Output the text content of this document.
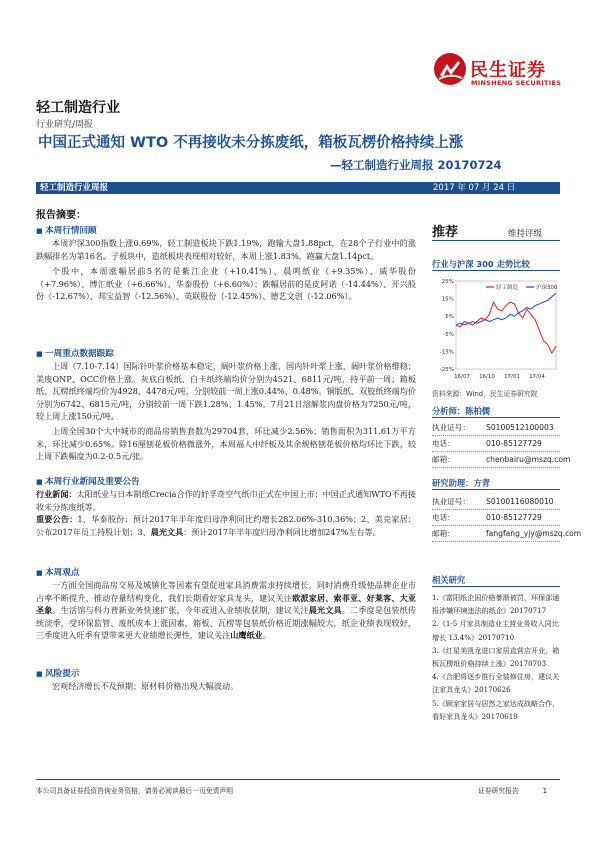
民生证券
MINSHENG SECURITIES
轻工制造行业
行业研究/周报
中国正式通知 WTO 不再接收未分拣废纸，箱板瓦楞价格持续上涨
—轻工制造行业周报 20170724
轻工制造行业周报	2017 年 07 月 24 日
报告摘要：
■ 本周行情回顾

本周沪深300指数上涨0.69%，轻工制造板块下跌1.19%，跑输大盘1.88pct，在28个子行业中的涨跌幅排名为第16名。子板块中，造纸板块表现相对较好，本周上涨1.83%，跑赢大盘1.14pct。

个股中，本周涨幅居前5名的是紫江企业（+10.41%）、晨鸣纸业（+9.35%）、威华股份（+7.96%）、博汇纸业（+6.66%）、华泰股份（+6.60%）；跌幅居前的是皮阿诺（-14.44%）、开兴股份（-12.67%）、邦宝益智（-12.56%）、英联股份（-12.45%）、德艺文创（-12.06%）。

■ 一周重点数据跟踪

上周（7.10-7.14）国际针叶浆价格基本稳定，阔叶浆价格上涨，国内针叶浆上涨，阔叶浆价格维稳；美废ONP、OCC价格上涨。灰底白板纸、白卡纸终端均价分别为4521、6811元/吨，持平前一周；箱板纸、瓦楞纸终端均价为4928、4478元/吨，分别较前一周上涨0.44%、0.48%。铜版纸、双胶纸终端均价分别为6742、6815元/吨，分别较前一周下跌1.28%、1.45%。7月21日溶解浆内盘价格为7250元/吨，较上周上涨150元/吨。

上周全国30个大中城市的商品房销售套数为29704套，环比减少2.56%；销售面积为311.61万平方米，环比减少0.65%。除16厘刨花板价格微涨外，本周福人中纤板及其余规格刨花板价格均环比下跌，较上周下跌幅度为0.2-0.5元/张。

■ 本周行业新闻及重要公告

行业新闻：太阳纸业与日本制纸Crecia合作的好孚奇空气纸巾正式在中国上市；中国正式通知WTO不再接收未分拣废纸等。

重要公告：1、华泰股份：预计2017年半年度归母净利同比约增长282.06%-310.36%；2、美克家居：公布2017年员工持股计划；3、晨光文具：预计2017年半年度归母净利同比增加247%左右等。

■ 本周观点

一方面全国商品房交易及城镇化等因素有望促进家具消费需求持续增长，同时消费升级使品牌企业市占率不断提升、推动存量结构变化，我们长期看好家具龙头，建议关注欧派家居、索菲亚、好莱客、大亚圣象。生活馆与科力普新业务快速扩张，今年或进入业绩收获期，建议关注晨光文具。二季度是包装纸传统淡季，受环保监管、废纸成本上涨因素，箱板、瓦楞等包装纸价格近期涨幅较大，纸企业绩表现较好，三季度进入旺季有望带来更大业绩增长弹性，建议关注山鹰纸业。

■ 风险提示

宏观经济增长不及预期；原材料价格出现大幅波动。

推荐	维持评级
行业与沪深 300 走势比较
25%
15%
5%
-5%
-15%
-25%
16/07 16/10 17/01 17/04
轻工制造	沪深300
资料来源：Wind，民生证券研究院
分析师：陈柏儒
执业证号： S0100512100003
电话：	010-85127729
邮箱：	chenbairu@mszq.com
研究助理：方青
执业证号： S0100116080010
电话：	010-85127729
邮箱：	fangfang_yjy@mszq.com
相关研究
1.《富阳纸企国价格暴渐被罚，环保部通报涉嫌环境违法的纸企》20170717
2.《1-5 月家具制造业主营业务收入同比增长 13.4%》20170710
3.《红星美凯龙进口家居直营店开业，箱板瓦楞纸价格持续上涨》20170703
4.《合肥将逐步推行全装修住房，建议关注家具龙头》20170626
5.《顾家家居与居然之家达成战略合作，看好家具龙头》20170619
本公司具备证券投资咨询业务资格，请务必阅读最后一页免责声明	证券研究报告	1
